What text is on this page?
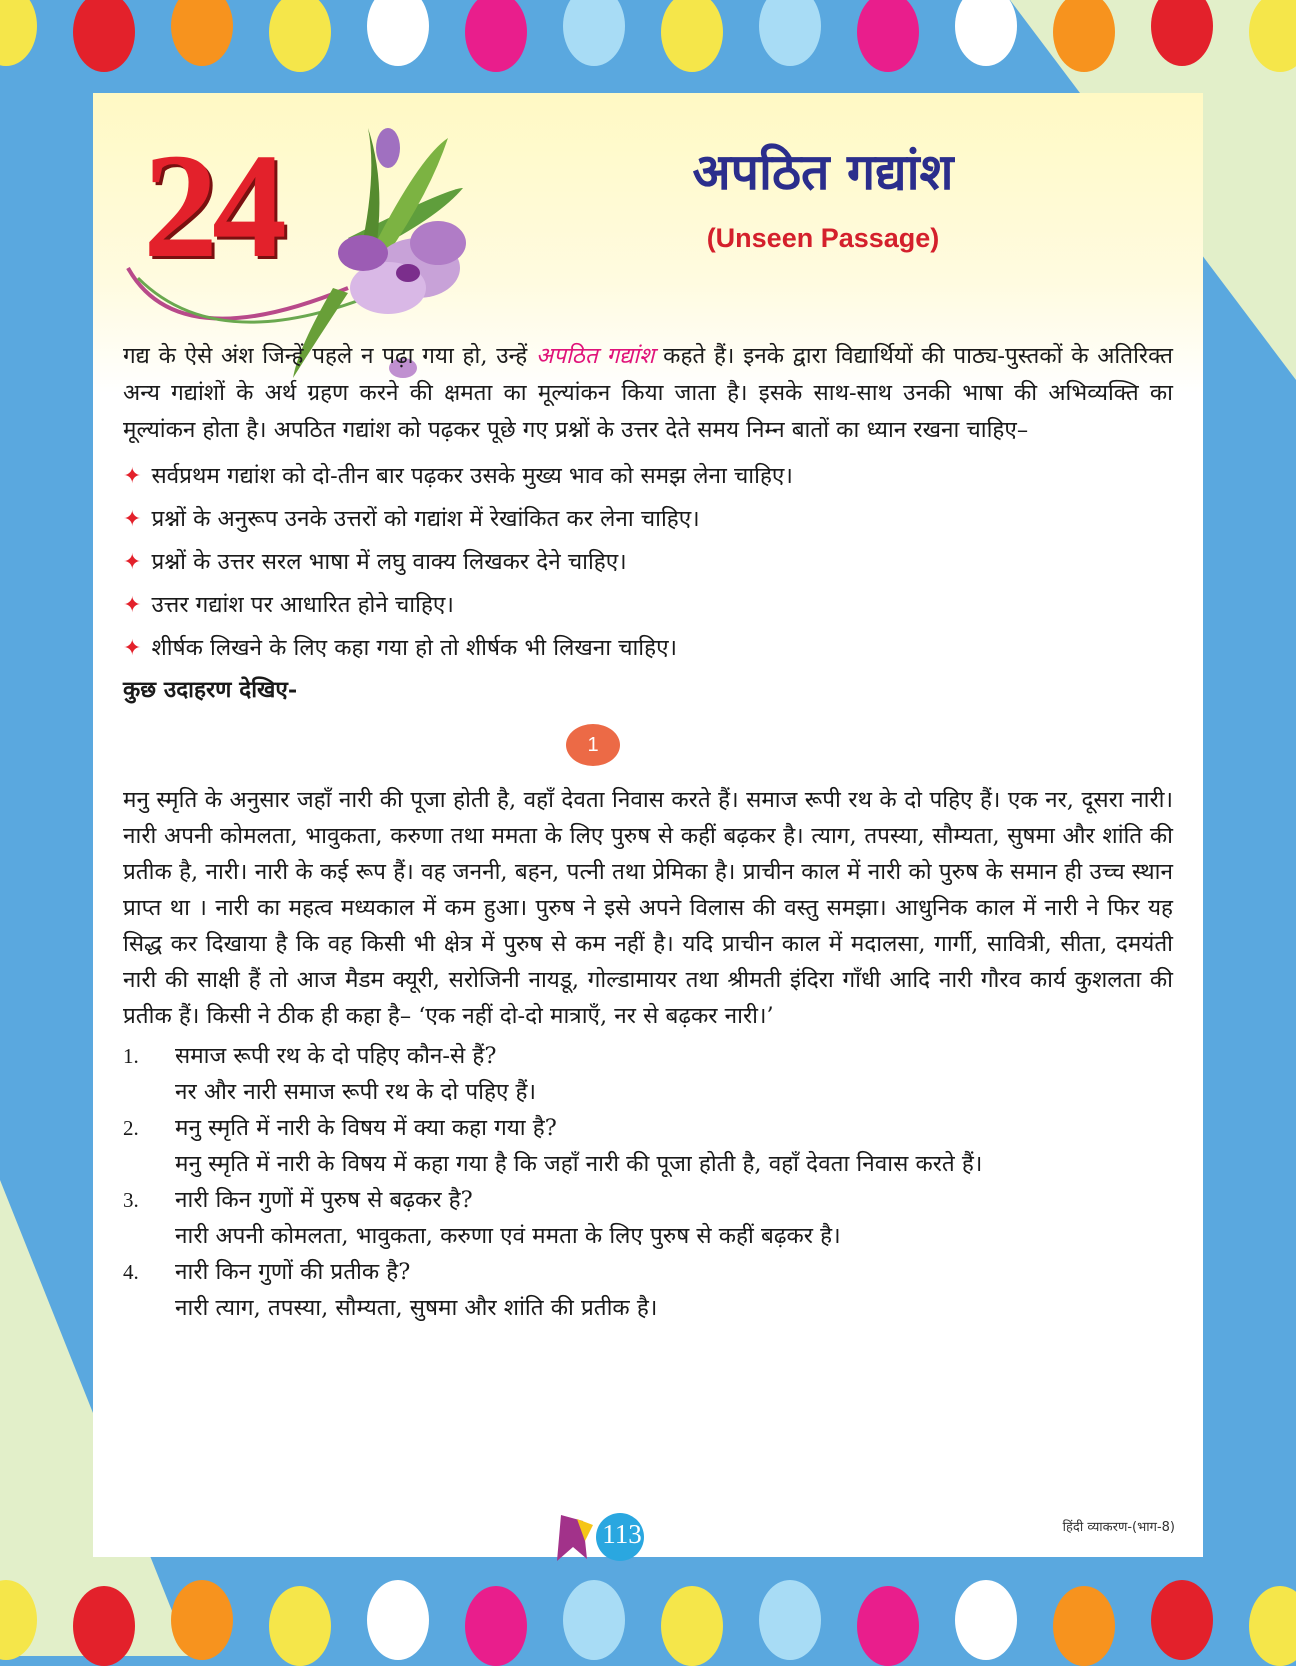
24	अपठित गद्यांश
(Unseen Passage)

गद्य के ऐसे अंश जिन्हें पहले न पढ़ा गया हो, उन्हें अपठित गद्यांश कहते हैं। इनके द्वारा विद्यार्थियों की पाठ्य-पुस्तकों के अतिरिक्त अन्य गद्यांशों के अर्थ ग्रहण करने की क्षमता का मूल्यांकन किया जाता है। इसके साथ-साथ उनकी भाषा की अभिव्यक्ति का मूल्यांकन होता है। अपठित गद्यांश को पढ़कर पूछे गए प्रश्नों के उत्तर देते समय निम्न बातों का ध्यान रखना चाहिए–

✦ सर्वप्रथम गद्यांश को दो-तीन बार पढ़कर उसके मुख्य भाव को समझ लेना चाहिए।
✦ प्रश्नों के अनुरूप उनके उत्तरों को गद्यांश में रेखांकित कर लेना चाहिए।
✦ प्रश्नों के उत्तर सरल भाषा में लघु वाक्य लिखकर देने चाहिए।
✦ उत्तर गद्यांश पर आधारित होने चाहिए।
✦ शीर्षक लिखने के लिए कहा गया हो तो शीर्षक भी लिखना चाहिए।
कुछ उदाहरण देखिए-
1

मनु स्मृति के अनुसार जहाँ नारी की पूजा होती है, वहाँ देवता निवास करते हैं। समाज रूपी रथ के दो पहिए हैं। एक नर, दूसरा नारी। नारी अपनी कोमलता, भावुकता, करुणा तथा ममता के लिए पुरुष से कहीं बढ़कर है। त्याग, तपस्या, सौम्यता, सुषमा और शांति की प्रतीक है, नारी। नारी के कई रूप हैं। वह जननी, बहन, पत्नी तथा प्रेमिका है। प्राचीन काल में नारी को पुरुष के समान ही उच्च स्थान प्राप्त था । नारी का महत्व मध्यकाल में कम हुआ। पुरुष ने इसे अपने विलास की वस्तु समझा। आधुनिक काल में नारी ने फिर यह सिद्ध कर दिखाया है कि वह किसी भी क्षेत्र में पुरुष से कम नहीं है। यदि प्राचीन काल में मदालसा, गार्गी, सावित्री, सीता, दमयंती नारी की साक्षी हैं तो आज मैडम क्यूरी, सरोजिनी नायडू, गोल्डामायर तथा श्रीमती इंदिरा गाँधी आदि नारी गौरव कार्य कुशलता की प्रतीक हैं। किसी ने ठीक ही कहा है– ‘एक नहीं दो-दो मात्राएँ, नर से बढ़कर नारी।’

1.	समाज रूपी रथ के दो पहिए कौन-से हैं?

नर और नारी समाज रूपी रथ के दो पहिए हैं।

2.	मनु स्मृति में नारी के विषय में क्या कहा गया है?

मनु स्मृति में नारी के विषय में कहा गया है कि जहाँ नारी की पूजा होती है, वहाँ देवता निवास करते हैं।

3.	नारी किन गुणों में पुरुष से बढ़कर है?

नारी अपनी कोमलता, भावुकता, करुणा एवं ममता के लिए पुरुष से कहीं बढ़कर है।

4.	नारी किन गुणों की प्रतीक है?

नारी त्याग, तपस्या, सौम्यता, सुषमा और शांति की प्रतीक है।

113	हिंदी व्याकरण-(भाग-8)
